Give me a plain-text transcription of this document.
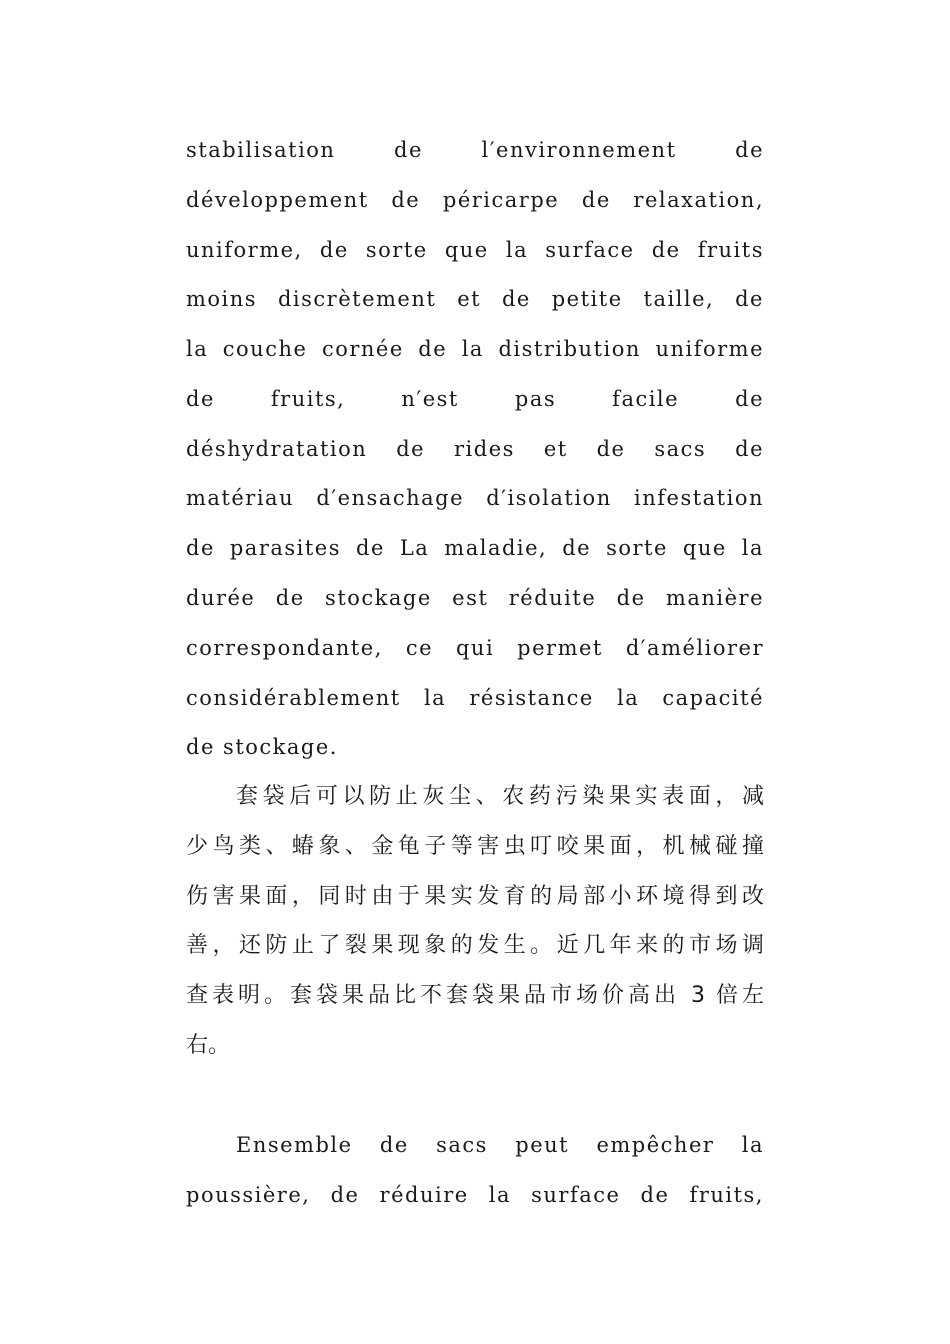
stabilisation de l′environnement de
développement de péricarpe de relaxation,
uniforme, de sorte que la surface de fruits
moins discrètement et de petite taille, de
la couche cornée de la distribution uniforme
de fruits, n′est pas facile de
déshydratation de rides et de sacs de
matériau d′ensachage d′isolation infestation
de parasites de La maladie, de sorte que la
durée de stockage est réduite de manière
correspondante, ce qui permet d′améliorer
considérablement la résistance la capacité
de stockage.
套袋后可以防止灰尘、农药污染果实表面，减
少鸟类、蝽象、金龟子等害虫叮咬果面，机械碰撞
伤害果面，同时由于果实发育的局部小环境得到改
善，还防止了裂果现象的发生。近几年来的市场调
查表明。套袋果品比不套袋果品市场价高出 3 倍左
右。
Ensemble de sacs peut empêcher la
poussière, de réduire la surface de fruits,
